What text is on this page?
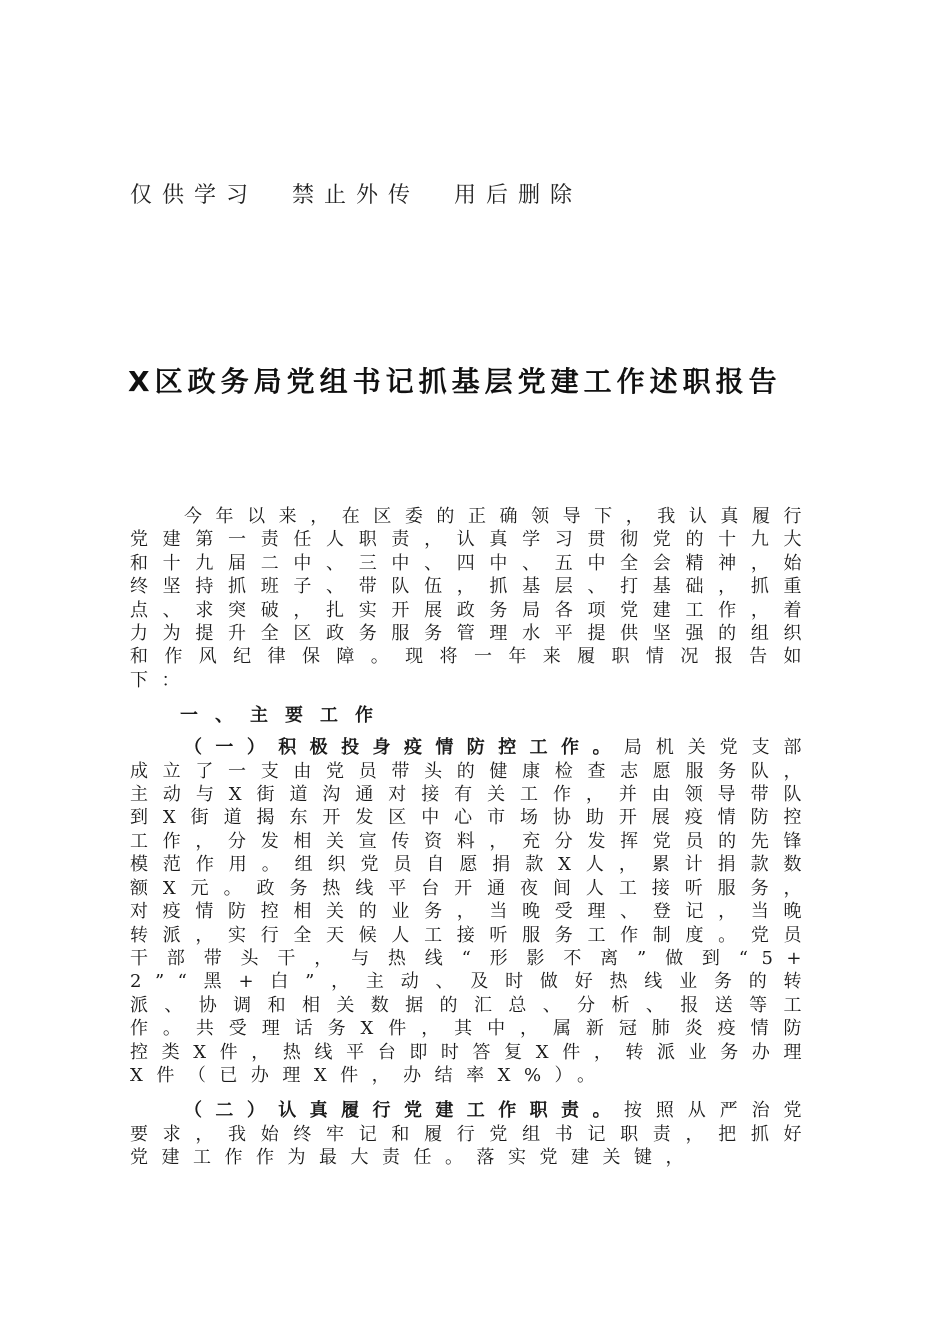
仅供学习  禁止外传  用后删除
X区政务局党组书记抓基层党建工作述职报告

今年以来，在区委的正确领导下，我认真履行党建第一责任人职责，认真学习贯彻党的十九大和十九届二中、三中、四中、五中全会精神，始终坚持抓班子、带队伍，抓基层、打基础，抓重点、求突破，扎实开展政务局各项党建工作，着力为提升全区政务服务管理水平提供坚强的组织和作风纪律保障。现将一年来履职情况报告如下：

一、主要工作

（一）积极投身疫情防控工作。局机关党支部成立了一支由党员带头的健康检查志愿服务队，主动与X街道沟通对接有关工作，并由领导带队到X街道揭东开发区中心市场协助开展疫情防控工作，分发相关宣传资料，充分发挥党员的先锋模范作用。组织党员自愿捐款X人，累计捐款数额X元。政务热线平台开通夜间人工接听服务，对疫情防控相关的业务，当晚受理、登记，当晚转派，实行全天候人工接听服务工作制度。党员干部带头干，与热线“形影不离”做到“5+2”“黑+白”，主动、及时做好热线业务的转派、协调和相关数据的汇总、分析、报送等工作。共受理话务X件，其中，属新冠肺炎疫情防控类X件，热线平台即时答复X件，转派业务办理X件（已办理X件，办结率X%）。

（二）认真履行党建工作职责。按照从严治党要求，我始终牢记和履行党组书记职责，把抓好党建工作作为最大责任。落实党建关键，
